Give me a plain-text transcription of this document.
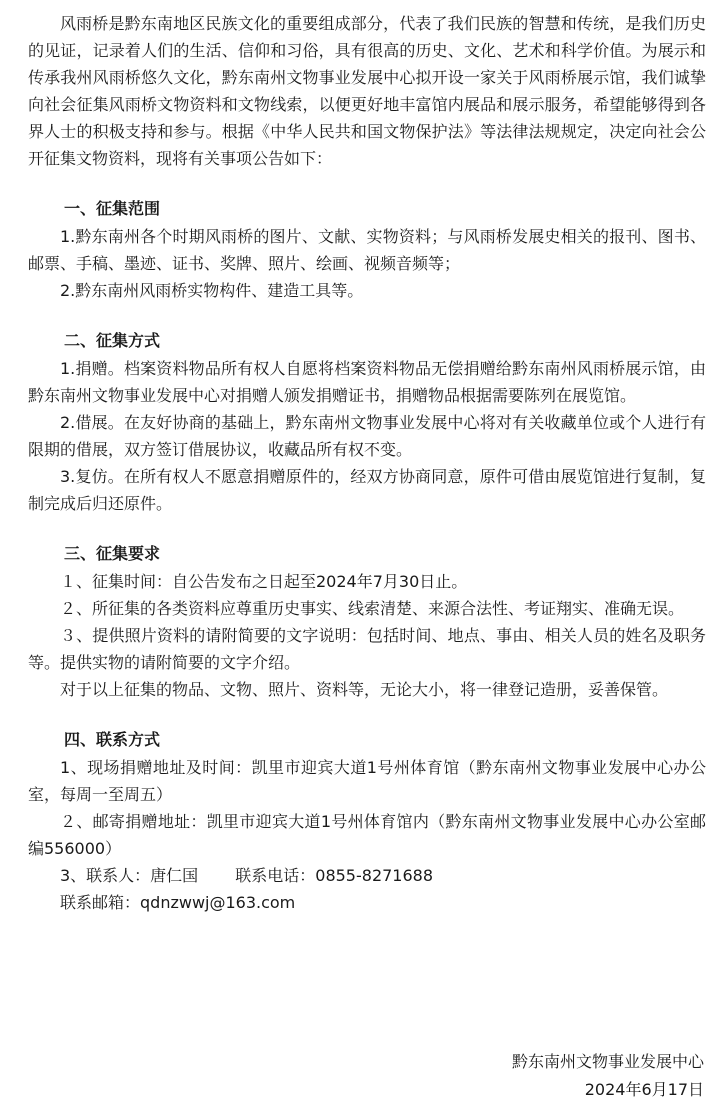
风雨桥是黔东南地区民族文化的重要组成部分，代表了我们民族的智慧和传统，是我们历史的见证，记录着人们的生活、信仰和习俗，具有很高的历史、文化、艺术和科学价值。为展示和传承我州风雨桥悠久文化，黔东南州文物事业发展中心拟开设一家关于风雨桥展示馆，我们诚挚向社会征集风雨桥文物资料和文物线索，以便更好地丰富馆内展品和展示服务，希望能够得到各界人士的积极支持和参与。根据《中华人民共和国文物保护法》等法律法规规定，决定向社会公开征集文物资料，现将有关事项公告如下：

一、征集范围

1.黔东南州各个时期风雨桥的图片、文献、实物资料；与风雨桥发展史相关的报刊、图书、邮票、手稿、墨迹、证书、奖牌、照片、绘画、视频音频等；

2.黔东南州风雨桥实物构件、建造工具等。

二、征集方式

1.捐赠。档案资料物品所有权人自愿将档案资料物品无偿捐赠给黔东南州风雨桥展示馆，由黔东南州文物事业发展中心对捐赠人颁发捐赠证书，捐赠物品根据需要陈列在展览馆。

2.借展。在友好协商的基础上，黔东南州文物事业发展中心将对有关收藏单位或个人进行有限期的借展，双方签订借展协议，收藏品所有权不变。

3.复仿。在所有权人不愿意捐赠原件的，经双方协商同意，原件可借由展览馆进行复制，复制完成后归还原件。

三、征集要求

１、征集时间：自公告发布之日起至2024年7月30日止。

２、所征集的各类资料应尊重历史事实、线索清楚、来源合法性、考证翔实、准确无误。

３、提供照片资料的请附简要的文字说明：包括时间、地点、事由、相关人员的姓名及职务等。提供实物的请附简要的文字介绍。

对于以上征集的物品、文物、照片、资料等，无论大小，将一律登记造册，妥善保管。

四、联系方式

1、现场捐赠地址及时间：凯里市迎宾大道1号州体育馆（黔东南州文物事业发展中心办公室，每周一至周五）

２、邮寄捐赠地址：凯里市迎宾大道1号州体育馆内（黔东南州文物事业发展中心办公室邮编556000）

3、联系人：唐仁国　　 联系电话：0855-8271688

联系邮箱：qdnzwwj@163.com

黔东南州文物事业发展中心

2024年6月17日
